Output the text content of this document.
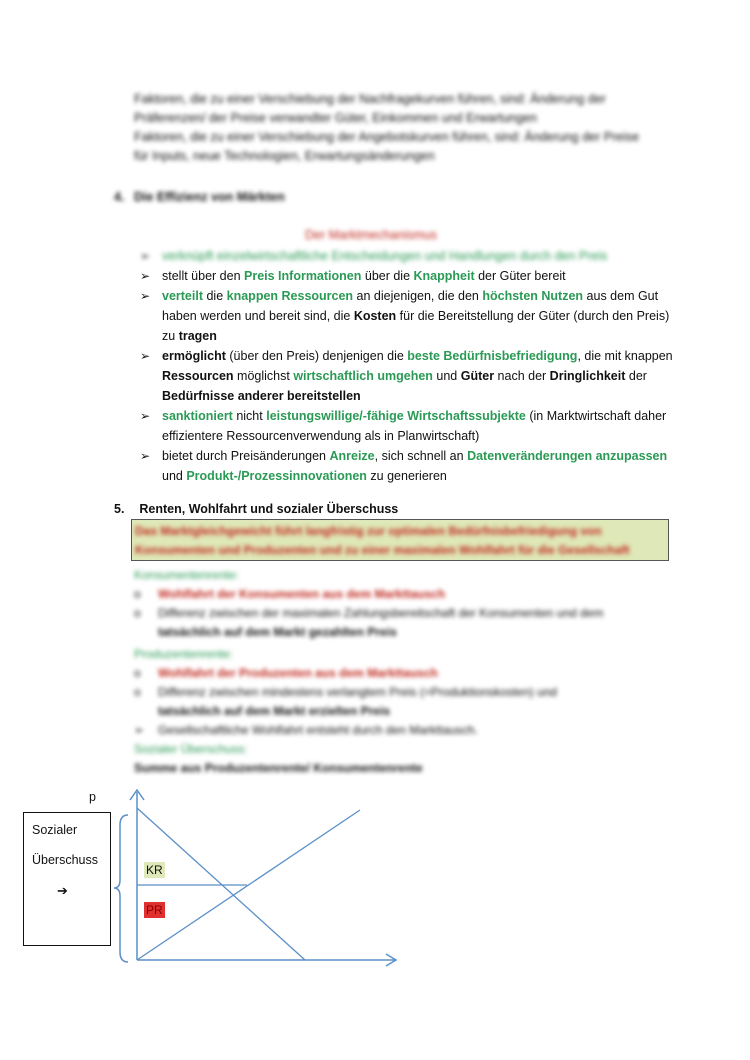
Faktoren, die zu einer Verschiebung der Nachfragekurven führen, sind: Änderung der

Präferenzen/ der Preise verwandter Güter, Einkommen und Erwartungen

Faktoren, die zu einer Verschiebung der Angebotskurven führen, sind: Änderung der Preise

für Inputs, neue Technologien, Erwartungsänderungen

4. Die Effizienz von Märkten

Der Marktmechanismus

➢ verknüpft einzelwirtschaftliche Entscheidungen und Handlungen durch den Preis
➢ stellt über den Preis Informationen über die Knappheit der Güter bereit
➢ verteilt die knappen Ressourcen an diejenigen, die den höchsten Nutzen aus dem Gut haben werden und bereit sind, die Kosten für die Bereitstellung der Güter (durch den Preis) zu tragen
➢ ermöglicht (über den Preis) denjenigen die beste Bedürfnisbefriedigung, die mit knappen Ressourcen möglichst wirtschaftlich umgehen und Güter nach der Dringlichkeit der Bedürfnisse anderer bereitstellen
➢ sanktioniert nicht leistungswillige/-fähige Wirtschaftssubjekte (in Marktwirtschaft daher effizientere Ressourcenverwendung als in Planwirtschaft)
➢ bietet durch Preisänderungen Anreize, sich schnell an Datenveränderungen anzupassen und Produkt-/Prozessinnovationen zu generieren
5. Renten, Wohlfahrt und sozialer Überschuss

Das Marktgleichgewicht führt langfristig zur optimalen Bedürfnisbefriedigung von

Konsumenten und Produzenten und zu einer maximalen Wohlfahrt für die Gesellschaft

Konsumentenrente:

o Wohlfahrt der Konsumenten aus dem Markttausch
o Differenz zwischen der maximalen Zahlungsbereitschaft der Konsumenten und dem
tatsächlich auf dem Markt gezahlten Preis

Produzentenrente:

o Wohlfahrt der Produzenten aus dem Markttausch
o Differenz zwischen mindestens verlangtem Preis (=Produktionskosten) und
tatsächlich auf dem Markt erzielten Preis
➢ Gesellschaftliche Wohlfahrt entsteht durch den Markttausch.

Sozialer Überschuss:

Summe aus Produzentenrente/ Konsumentenrente

p
Sozialer
Überschuss
➔
KR
PR
